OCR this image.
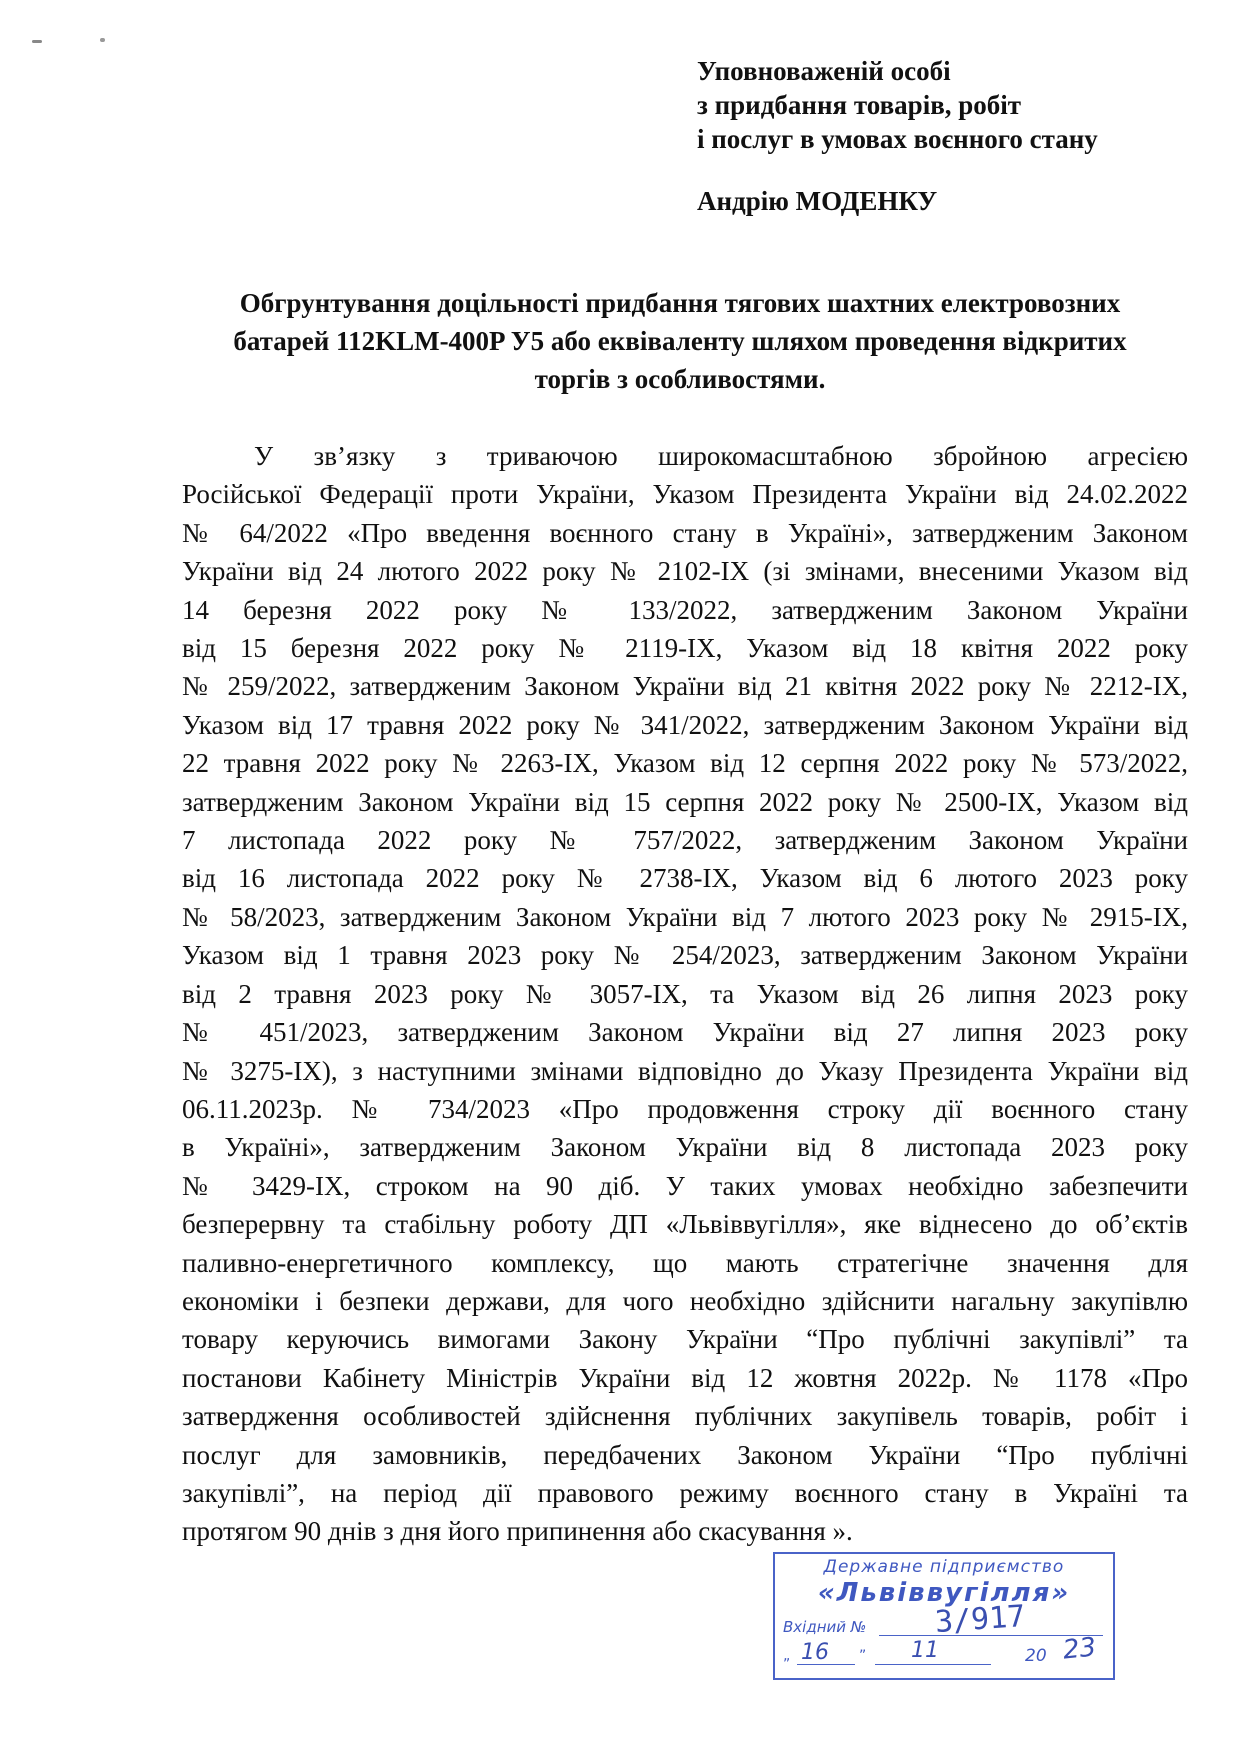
Уповноваженій особі
з придбання товарів, робіт
і послуг в умовах воєнного стану
Андрію МОДЕНКУ
Обгрунтування доцільності придбання тягових шахтних електровозних
батарей 112KLM-400P У5 або еквіваленту шляхом проведення відкритих
торгів з особливостями.
У зв’язку з триваючою широкомасштабною збройною агресією
Російської Федерації проти України, Указом Президента України від 24.02.2022
№ 64/2022 «Про введення воєнного стану в Україні», затвердженим Законом
України від 24 лютого 2022 року № 2102-IX (зі змінами, внесеними Указом від
14 березня 2022 року № 133/2022, затвердженим Законом України
від 15 березня 2022 року № 2119-IX, Указом від 18 квітня 2022 року
№ 259/2022, затвердженим Законом України від 21 квітня 2022 року № 2212-IX,
Указом від 17 травня 2022 року № 341/2022, затвердженим Законом України від
22 травня 2022 року № 2263-IX, Указом від 12 серпня 2022 року № 573/2022,
затвердженим Законом України від 15 серпня 2022 року № 2500-IX, Указом від
7 листопада 2022 року № 757/2022, затвердженим Законом України
від 16 листопада 2022 року № 2738-IX, Указом від 6 лютого 2023 року
№ 58/2023, затвердженим Законом України від 7 лютого 2023 року № 2915-IX,
Указом від 1 травня 2023 року № 254/2023, затвердженим Законом України
від 2 травня 2023 року № 3057-IX, та Указом від 26 липня 2023 року
№ 451/2023, затвердженим Законом України від 27 липня 2023 року
№ 3275-IX), з наступними змінами відповідно до Указу Президента України від
06.11.2023р. № 734/2023 «Про продовження строку дії воєнного стану
в Україні», затвердженим Законом України від 8 листопада 2023 року
№ 3429-IX, строком на 90 діб. У таких умовах необхідно забезпечити
безперервну та стабільну роботу ДП «Львіввугілля», яке віднесено до об’єктів
паливно-енергетичного комплексу, що мають стратегічне значення для
економіки і безпеки держави, для чого необхідно здійснити нагальну закупівлю
товару керуючись вимогами Закону України “Про публічні закупівлі” та
постанови Кабінету Міністрів України від 12 жовтня 2022р. № 1178 «Про
затвердження особливостей здійснення публічних закупівель товарів, робіт і
послуг для замовників, передбачених Законом України “Про публічні
закупівлі”, на період дії правового режиму воєнного стану в Україні та
протягом 90 днів з дня його припинення або скасування ».
Державне підприємство
«Львіввугілля»
Вхідний № 3/917
„ 16 ” 11	20 23
